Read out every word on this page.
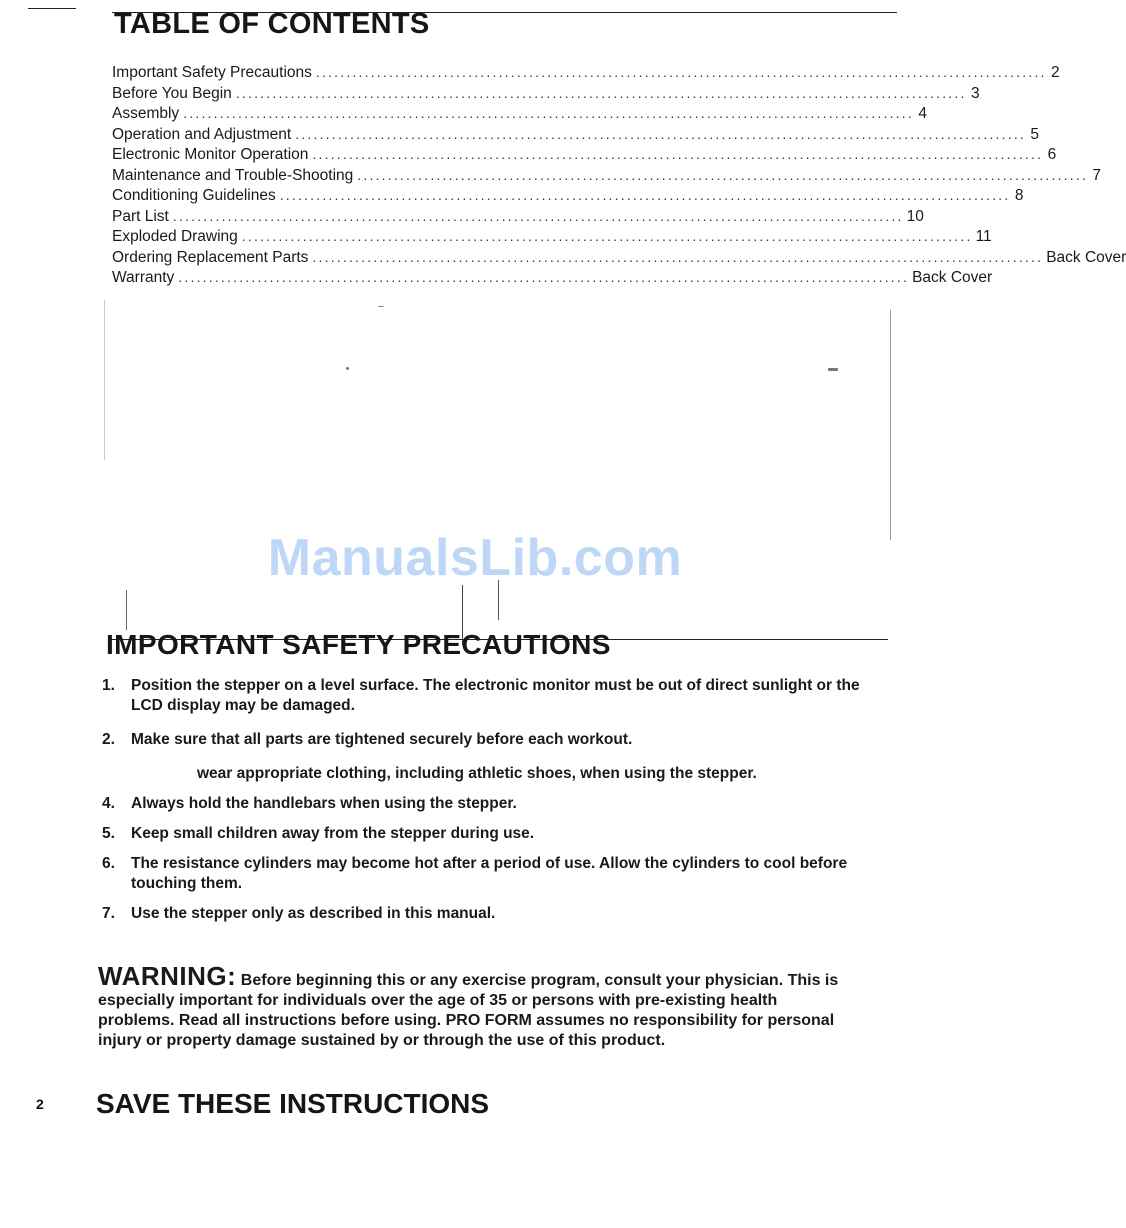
TABLE OF CONTENTS
Important Safety Precautions ........................................................................................................................ 2
Before You Begin ........................................................................................................................ 3
Assembly ........................................................................................................................ 4
Operation and Adjustment ........................................................................................................................ 5
Electronic Monitor Operation ........................................................................................................................ 6
Maintenance and Trouble-Shooting ........................................................................................................................ 7
Conditioning Guidelines ........................................................................................................................ 8
Part List ........................................................................................................................ 10
Exploded Drawing ........................................................................................................................ 11
Ordering Replacement Parts ........................................................................................................................ Back Cover
Warranty ........................................................................................................................ Back Cover
ManualsLib.com
IMPORTANT SAFETY PRECAUTIONS
1. Position the stepper on a level surface. The electronic monitor must be out of direct sunlight or the LCD display may be damaged.
2. Make sure that all parts are tightened securely before each workout.
wear appropriate clothing, including athletic shoes, when using the stepper.
4. Always hold the handlebars when using the stepper.
5. Keep small children away from the stepper during use.
6. The resistance cylinders may become hot after a period of use. Allow the cylinders to cool before touching them.
7. Use the stepper only as described in this manual.

WARNING: Before beginning this or any exercise program, consult your physician. This is especially important for individuals over the age of 35 or persons with pre-existing health problems. Read all instructions before using. PRO FORM assumes no responsibility for personal injury or property damage sustained by or through the use of this product.

2 SAVE THESE INSTRUCTIONS
